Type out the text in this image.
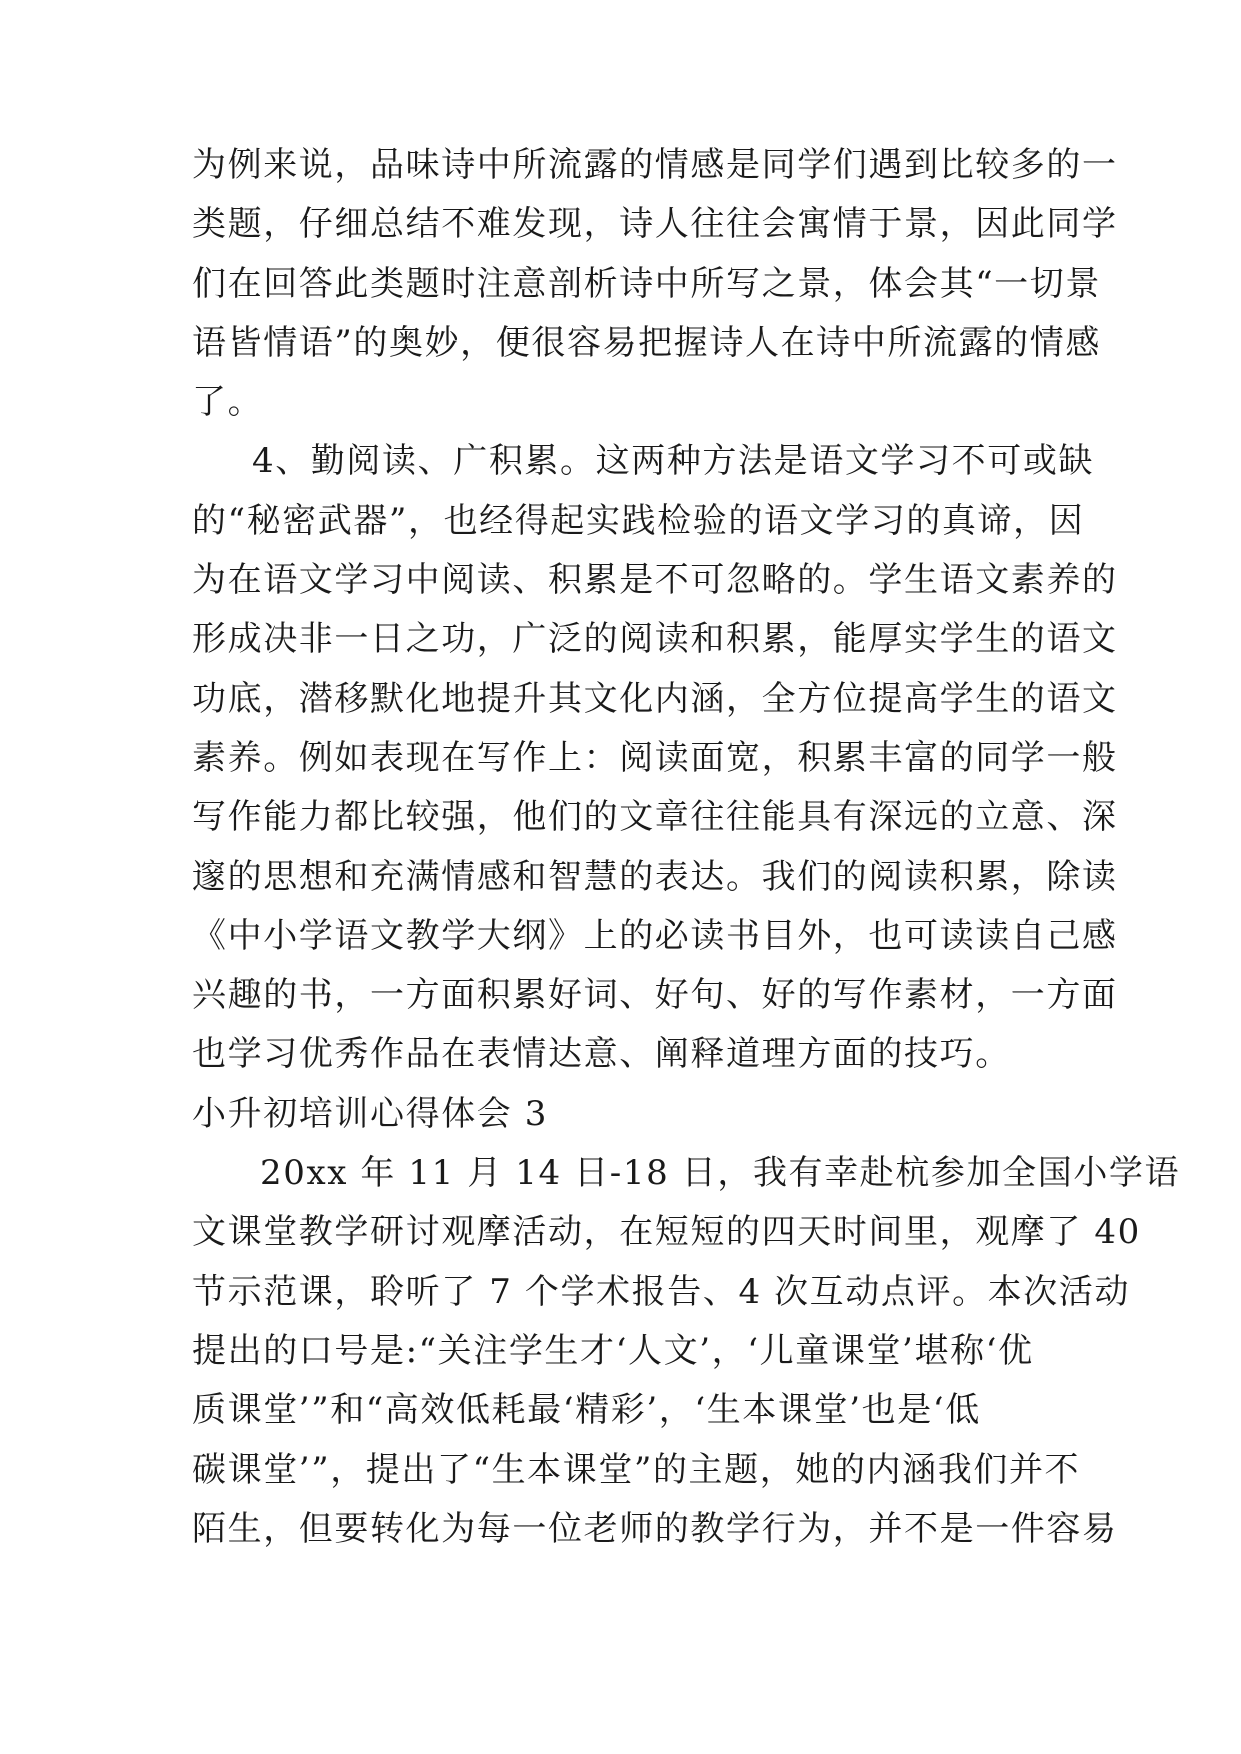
为例来说，品味诗中所流露的情感是同学们遇到比较多的一
类题，仔细总结不难发现，诗人往往会寓情于景，因此同学
们在回答此类题时注意剖析诗中所写之景，体会其“一切景
语皆情语”的奥妙，便很容易把握诗人在诗中所流露的情感
了。
4、勤阅读、广积累。这两种方法是语文学习不可或缺
的“秘密武器”，也经得起实践检验的语文学习的真谛，因
为在语文学习中阅读、积累是不可忽略的。学生语文素养的
形成决非一日之功，广泛的阅读和积累，能厚实学生的语文
功底，潜移默化地提升其文化内涵，全方位提高学生的语文
素养。例如表现在写作上：阅读面宽，积累丰富的同学一般
写作能力都比较强，他们的文章往往能具有深远的立意、深
邃的思想和充满情感和智慧的表达。我们的阅读积累，除读
《中小学语文教学大纲》上的必读书目外，也可读读自己感
兴趣的书，一方面积累好词、好句、好的写作素材，一方面
也学习优秀作品在表情达意、阐释道理方面的技巧。
小升初培训心得体会 3
20xx 年 11 月 14 日-18 日，我有幸赴杭参加全国小学语
文课堂教学研讨观摩活动，在短短的四天时间里，观摩了 40
节示范课，聆听了 7 个学术报告、4 次互动点评。本次活动
提出的口号是:“关注学生才‘人文’，‘儿童课堂’堪称‘优
质课堂’”和“高效低耗最‘精彩’，‘生本课堂’也是‘低
碳课堂’”，提出了“生本课堂”的主题，她的内涵我们并不
陌生，但要转化为每一位老师的教学行为，并不是一件容易
